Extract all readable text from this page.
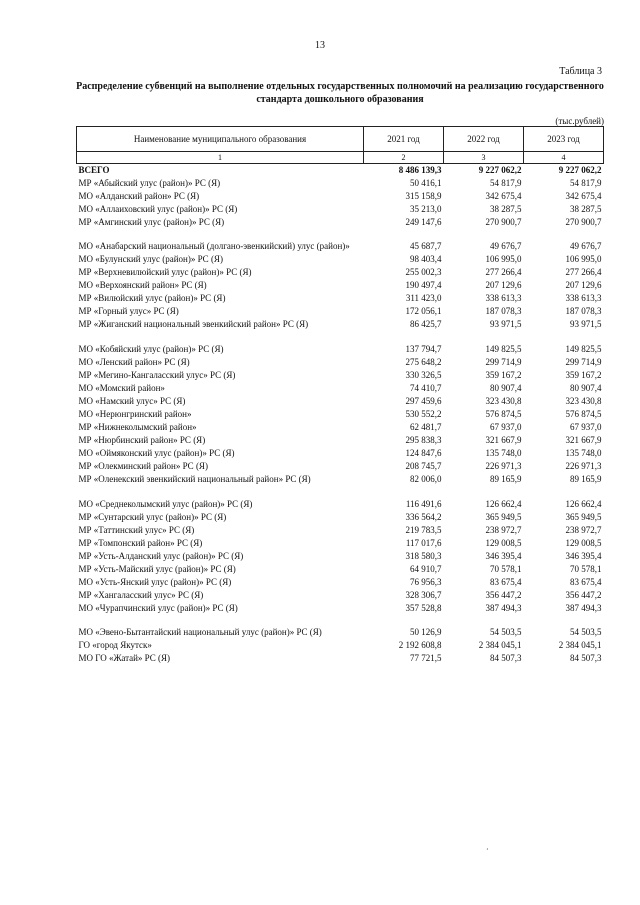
13
Таблица 3
Распределение субвенций на выполнение отдельных государственных полномочий на реализацию государственного стандарта дошкольного образования
(тыс.рублей)
Наименование муниципального образования	2021 год	2022 год	2023 год
1	2	3	4
ВСЕГО	8 486 139,3	9 227 062,2	9 227 062,2
МР «Абыйский улус (район)» РС (Я)	50 416,1	54 817,9	54 817,9
МО «Алданский район» РС (Я)	315 158,9	342 675,4	342 675,4
МО «Аллаиховский улус (район)» РС (Я)	35 213,0	38 287,5	38 287,5
МР «Амгинский улус (район)» РС (Я)	249 147,6	270 900,7	270 900,7
МО «Анабарский национальный (долгано-эвенкийский) улус (район)»	45 687,7	49 676,7	49 676,7
МО «Булунский улус (район)» РС (Я)	98 403,4	106 995,0	106 995,0
МР «Верхневилюйский улус (район)» РС (Я)	255 002,3	277 266,4	277 266,4
МО «Верхоянский район» РС (Я)	190 497,4	207 129,6	207 129,6
МР «Вилюйский улус (район)» РС (Я)	311 423,0	338 613,3	338 613,3
МР «Горный улус» РС (Я)	172 056,1	187 078,3	187 078,3
МР «Жиганский национальный эвенкийский район» РС (Я)	86 425,7	93 971,5	93 971,5

МО «Кобяйский улус (район)» РС (Я)	137 794,7	149 825,5	149 825,5
МО «Ленский район» РС (Я)	275 648,2	299 714,9	299 714,9
МР «Мегино-Кангаласский улус» РС (Я)	330 326,5	359 167,2	359 167,2
МО «Момский район»	74 410,7	80 907,4	80 907,4
МО «Намский улус» РС (Я)	297 459,6	323 430,8	323 430,8
МО «Нерюнгринский район»	530 552,2	576 874,5	576 874,5
МР «Нижнеколымский район»	62 481,7	67 937,0	67 937,0
МР «Нюрбинский район» РС (Я)	295 838,3	321 667,9	321 667,9
МО «Оймяконский улус (район)» РС (Я)	124 847,6	135 748,0	135 748,0
МР «Олекминский район» РС (Я)	208 745,7	226 971,3	226 971,3
МР «Оленекский эвенкийский национальный район» РС (Я)	82 006,0	89 165,9	89 165,9

МО «Среднеколымский улус (район)» РС (Я)	116 491,6	126 662,4	126 662,4
МР «Сунтарский улус (район)» РС (Я)	336 564,2	365 949,5	365 949,5
МР «Таттинский улус» РС (Я)	219 783,5	238 972,7	238 972,7
МР «Томпонский район» РС (Я)	117 017,6	129 008,5	129 008,5
МР «Усть-Алданский улус (район)» РС (Я)	318 580,3	346 395,4	346 395,4
МР «Усть-Майский улус (район)» РС (Я)	64 910,7	70 578,1	70 578,1
МО «Усть-Янский улус (район)» РС (Я)	76 956,3	83 675,4	83 675,4
МР «Хангаласский улус» РС (Я)	328 306,7	356 447,2	356 447,2
МО «Чурапчинский улус (район)» РС (Я)	357 528,8	387 494,3	387 494,3
МО «Эвено-Бытантайский национальный улус (район)» РС (Я)	50 126,9	54 503,5	54 503,5
ГО «город Якутск»	2 192 608,8	2 384 045,1	2 384 045,1
МО ГО «Жатай» РС (Я)	77 721,5	84 507,3	84 507,3
·
